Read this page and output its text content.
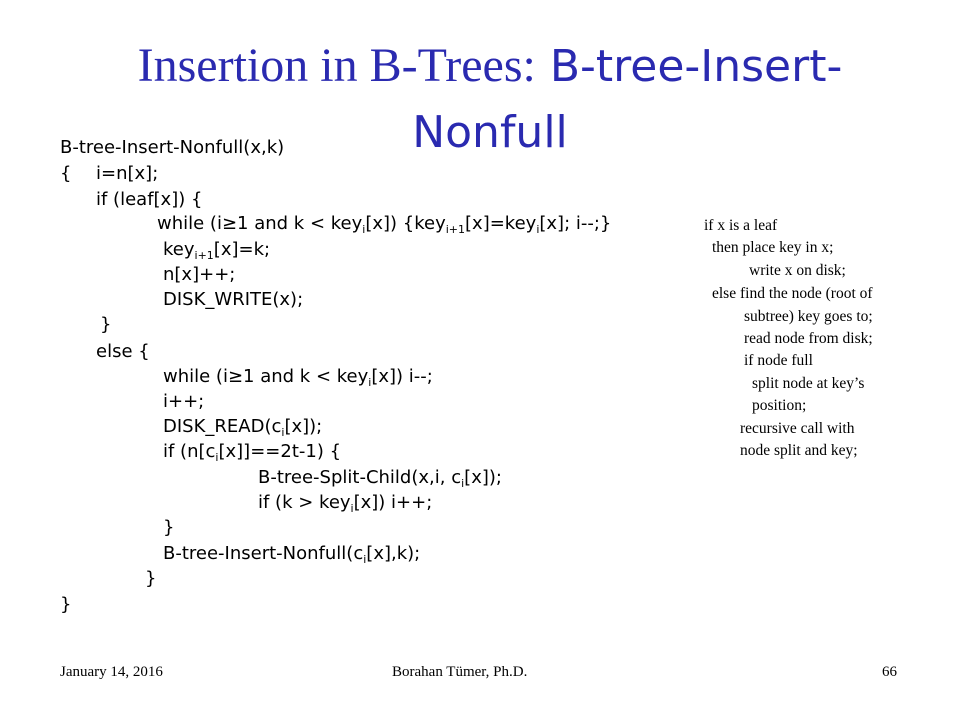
Insertion in B-Trees: B-tree-Insert-Nonfull
B-tree-Insert-Nonfull(x,k)
{ i=n[x];
if (leaf[x]) {
while (i≥1 and k < key$_i$[x]) {key$_{i+1}$[x]=key$_i$[x]; i--;}
key$_{i+1}$[x]=k;
n[x]++;
DISK_WRITE(x);
}
else {
while (i≥1 and k < key$_i$[x]) i--;
i++;
$DISK\_READ(c_i[x])$;
if $(n[c_i[x]]==2t-1)$ {
B-tree-Split-Child(x,i, $c_i[x]$);
if (k > key$_i$[x]) i++;
}
$B-tree-Insert-Nonfull(c_i[x],k)$;
}
}
if x is a leaf
then place key in x;
write x on disk;
else find the node (root of
subtree) key goes to;
read node from disk;
if node full
split node at key’s
position;
recursive call with
node split and key;
January 14, 2016	Borahan Tümer, Ph.D.	66
